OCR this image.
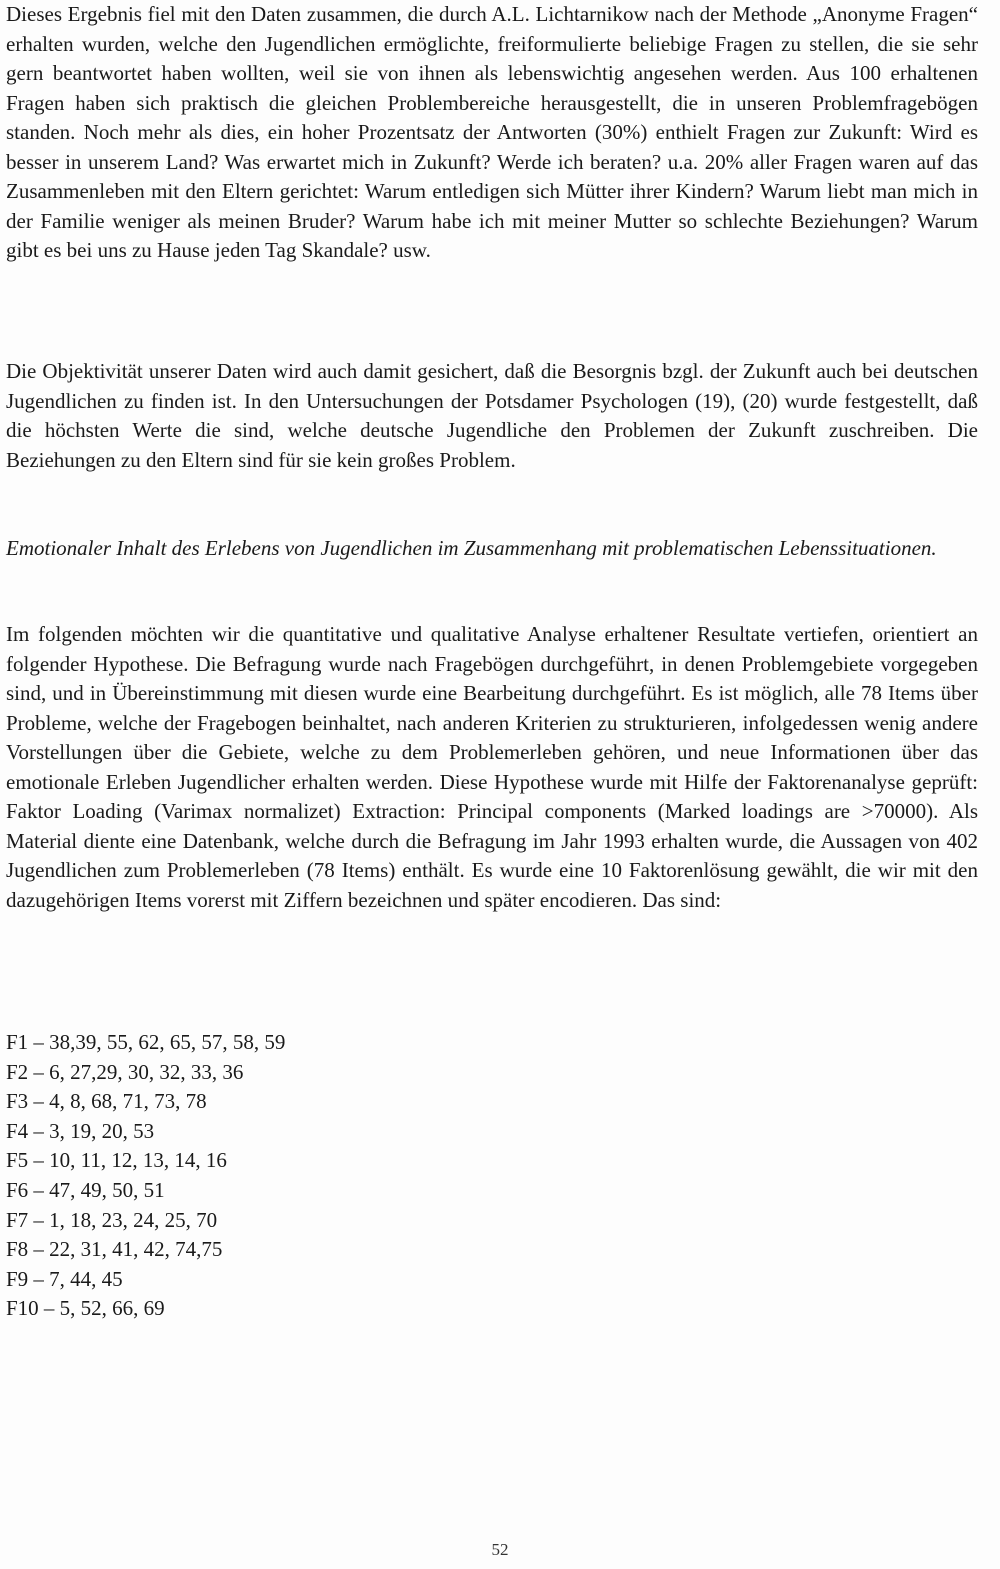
Dieses Ergebnis fiel mit den Daten zusammen, die durch A.L. Lichtarnikow nach der Methode „Anonyme Fragen“ erhalten wurden, welche den Jugendlichen ermöglichte, freiformulierte beliebige Fragen zu stellen, die sie sehr gern beantwortet haben wollten, weil sie von ihnen als lebenswichtig angesehen werden. Aus 100 erhaltenen Fragen haben sich praktisch die gleichen Problembereiche herausgestellt, die in unseren Problemfragebögen standen. Noch mehr als dies, ein hoher Prozentsatz der Antworten (30%) enthielt Fragen zur Zukunft: Wird es besser in unserem Land? Was erwartet mich in Zukunft? Werde ich beraten? u.a. 20% aller Fragen waren auf das Zusammenleben mit den Eltern gerichtet: Warum entledigen sich Mütter ihrer Kindern? Warum liebt man mich in der Familie weniger als meinen Bruder? Warum habe ich mit meiner Mutter so schlechte Beziehungen? Warum gibt es bei uns zu Hause jeden Tag Skandale? usw.

Die Objektivität unserer Daten wird auch damit gesichert, daß die Besorgnis bzgl. der Zukunft auch bei deutschen Jugendlichen zu finden ist. In den Untersuchungen der Potsdamer Psychologen (19), (20) wurde festgestellt, daß die höchsten Werte die sind, welche deutsche Jugendliche den Problemen der Zukunft zuschreiben. Die Beziehungen zu den Eltern sind für sie kein großes Problem.

Emotionaler Inhalt des Erlebens von Jugendlichen im Zusammenhang mit problematischen Lebenssituationen.

Im folgenden möchten wir die quantitative und qualitative Analyse erhaltener Resultate vertiefen, orientiert an folgender Hypothese. Die Befragung wurde nach Fragebögen durchgeführt, in denen Problemgebiete vorgegeben sind, und in Übereinstimmung mit diesen wurde eine Bearbeitung durchgeführt. Es ist möglich, alle 78 Items über Probleme, welche der Fragebogen beinhaltet, nach anderen Kriterien zu strukturieren, infolgedessen wenig andere Vorstellungen über die Gebiete, welche zu dem Problemerleben gehören, und neue Informationen über das emotionale Erleben Jugendlicher erhalten werden. Diese Hypothese wurde mit Hilfe der Faktorenanalyse geprüft: Faktor Loading (Varimax normalizet) Extraction: Principal components (Marked loadings are >70000). Als Material diente eine Datenbank, welche durch die Befragung im Jahr 1993 erhalten wurde, die Aussagen von 402 Jugendlichen zum Problemerleben (78 Items) enthält. Es wurde eine 10 Faktorenlösung gewählt, die wir mit den dazugehörigen Items vorerst mit Ziffern bezeichnen und später encodieren. Das sind:

F1 – 38,39, 55, 62, 65, 57, 58, 59
F2 – 6, 27,29, 30, 32, 33, 36
F3 – 4, 8, 68, 71, 73, 78
F4 – 3, 19, 20, 53
F5 – 10, 11, 12, 13, 14, 16
F6 – 47, 49, 50, 51
F7 – 1, 18, 23, 24, 25, 70
F8 – 22, 31, 41, 42, 74,75
F9 – 7, 44, 45
F10 – 5, 52, 66, 69
52
